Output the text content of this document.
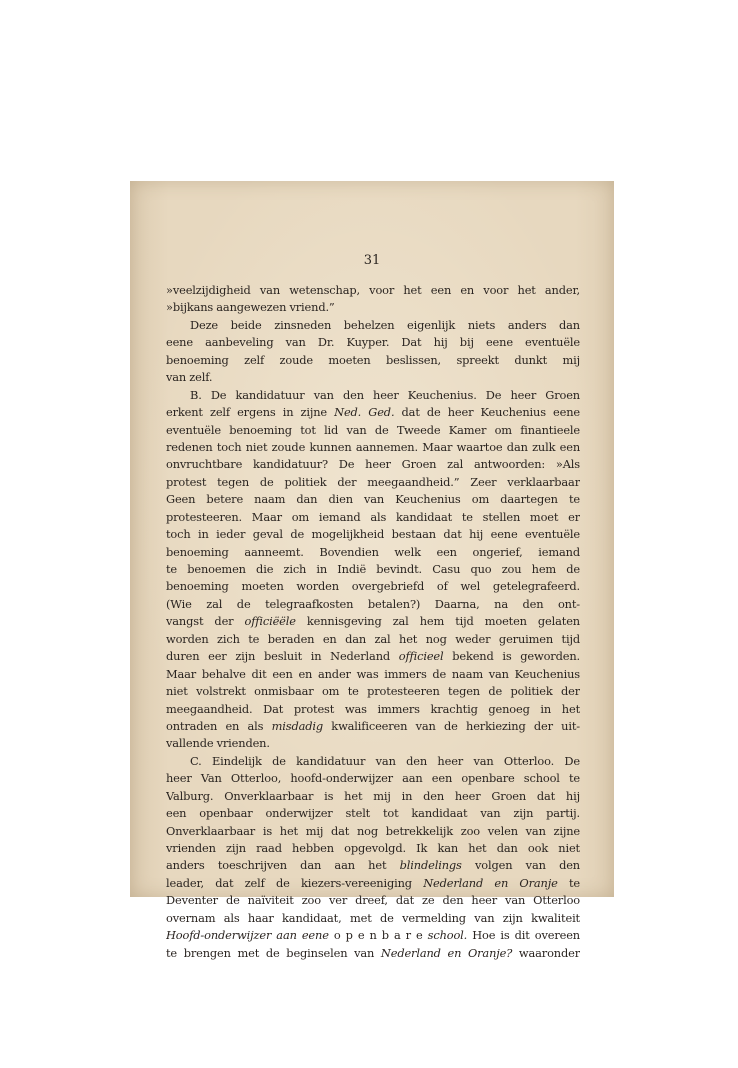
31
»veelzijdigheid van wetenschap, voor het een en voor het ander,
»bijkans aangewezen vriend.”
Deze beide zinsneden behelzen eigenlijk niets anders dan
eene aanbeveling van Dr. Kuyper. Dat hij bij eene eventuële
benoeming zelf zoude moeten beslissen, spreekt dunkt mij
van zelf.
B. De kandidatuur van den heer Keuchenius. De heer Groen
erkent zelf ergens in zijne Ned. Ged. dat de heer Keuchenius eene
eventuële benoeming tot lid van de Tweede Kamer om finantieele
redenen toch niet zoude kunnen aannemen. Maar waartoe dan zulk een
onvruchtbare kandidatuur? De heer Groen zal antwoorden: »Als
protest tegen de politiek der meegaandheid.” Zeer verklaarbaar
Geen betere naam dan dien van Keuchenius om daartegen te
protesteeren. Maar om iemand als kandidaat te stellen moet er
toch in ieder geval de mogelijkheid bestaan dat hij eene eventuële
benoeming aanneemt. Bovendien welk een ongerief, iemand
te benoemen die zich in Indië bevindt. Casu quo zou hem de
benoeming moeten worden overgebriefd of wel getelegrafeerd.
(Wie zal de telegraafkosten betalen?) Daarna, na den ont-
vangst der officiëële kennisgeving zal hem tijd moeten gelaten
worden zich te beraden en dan zal het nog weder geruimen tijd
duren eer zijn besluit in Nederland officieel bekend is geworden.
Maar behalve dit een en ander was immers de naam van Keuchenius
niet volstrekt onmisbaar om te protesteeren tegen de politiek der
meegaandheid. Dat protest was immers krachtig genoeg in het
ontraden en als misdadig kwalificeeren van de herkiezing der uit-
vallende vrienden.
C. Eindelijk de kandidatuur van den heer van Otterloo. De
heer Van Otterloo, hoofd-onderwijzer aan een openbare school te
Valburg. Onverklaarbaar is het mij in den heer Groen dat hij
een openbaar onderwijzer stelt tot kandidaat van zijn partij.
Onverklaarbaar is het mij dat nog betrekkelijk zoo velen van zijne
vrienden zijn raad hebben opgevolgd. Ik kan het dan ook niet
anders toeschrijven dan aan het blindelings volgen van den
leader, dat zelf de kiezers-vereeniging Nederland en Oranje te
Deventer de naïviteit zoo ver dreef, dat ze den heer van Otterloo
overnam als haar kandidaat, met de vermelding van zijn kwaliteit
Hoofd-onderwijzer aan eene o p e n b a r e school. Hoe is dit overeen
te brengen met de beginselen van Nederland en Oranje? waaronder
